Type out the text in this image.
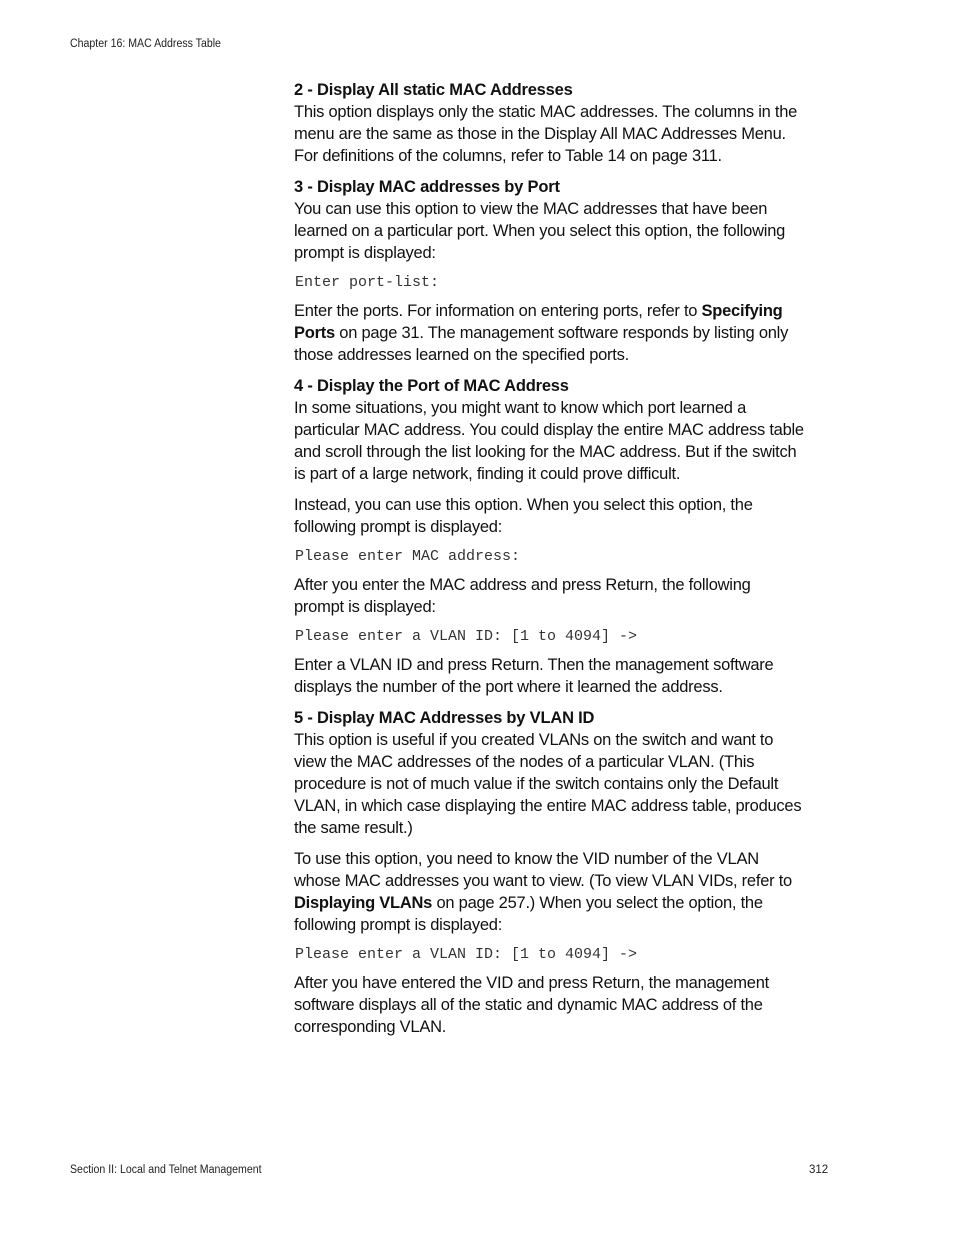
Chapter 16: MAC Address Table

2 - Display All static MAC Addresses

This option displays only the static MAC addresses. The columns in the menu are the same as those in the Display All MAC Addresses Menu. For definitions of the columns, refer to Table 14 on page 311.

3 - Display MAC addresses by Port

You can use this option to view the MAC addresses that have been learned on a particular port. When you select this option, the following prompt is displayed:

Enter port-list:

Enter the ports. For information on entering ports, refer to Specifying Ports on page 31. The management software responds by listing only those addresses learned on the specified ports.

4 - Display the Port of MAC Address

In some situations, you might want to know which port learned a particular MAC address. You could display the entire MAC address table and scroll through the list looking for the MAC address. But if the switch is part of a large network, finding it could prove difficult.

Instead, you can use this option. When you select this option, the following prompt is displayed:

Please enter MAC address:

After you enter the MAC address and press Return, the following prompt is displayed:

Please enter a VLAN ID: [1 to 4094] ->

Enter a VLAN ID and press Return. Then the management software displays the number of the port where it learned the address.

5 - Display MAC Addresses by VLAN ID

This option is useful if you created VLANs on the switch and want to view the MAC addresses of the nodes of a particular VLAN. (This procedure is not of much value if the switch contains only the Default VLAN, in which case displaying the entire MAC address table, produces the same result.)

To use this option, you need to know the VID number of the VLAN whose MAC addresses you want to view. (To view VLAN VIDs, refer to Displaying VLANs on page 257.) When you select the option, the following prompt is displayed:

Please enter a VLAN ID: [1 to 4094] ->

After you have entered the VID and press Return, the management software displays all of the static and dynamic MAC address of the corresponding VLAN.

Section II: Local and Telnet Management	312
